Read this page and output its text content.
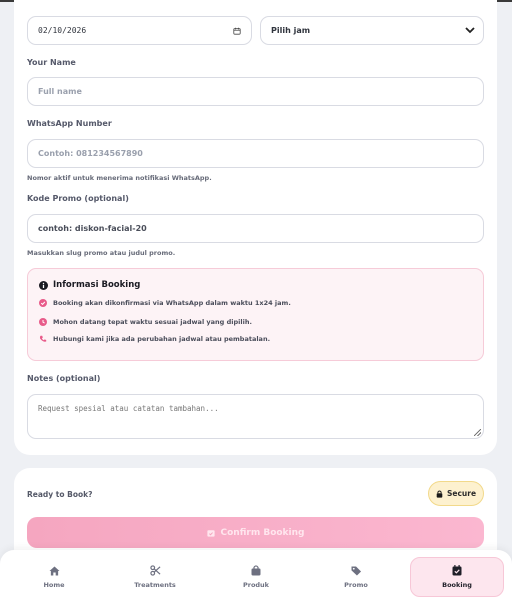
02/10/2026	Pilih jam
Your Name
Full name
WhatsApp Number
Contoh: 081234567890
Nomor aktif untuk menerima notifikasi WhatsApp.
Kode Promo (optional)
contoh: diskon-facial-20
Masukkan slug promo atau judul promo.
Informasi Booking
Booking akan dikonfirmasi via WhatsApp dalam waktu 1x24 jam.
Mohon datang tepat waktu sesuai jadwal yang dipilih.
Hubungi kami jika ada perubahan jadwal atau pembatalan.
Notes (optional)
Request spesial atau catatan tambahan...
Ready to Book?	Secure
Confirm Booking
Home	Treatments	Produk	Promo	Booking
